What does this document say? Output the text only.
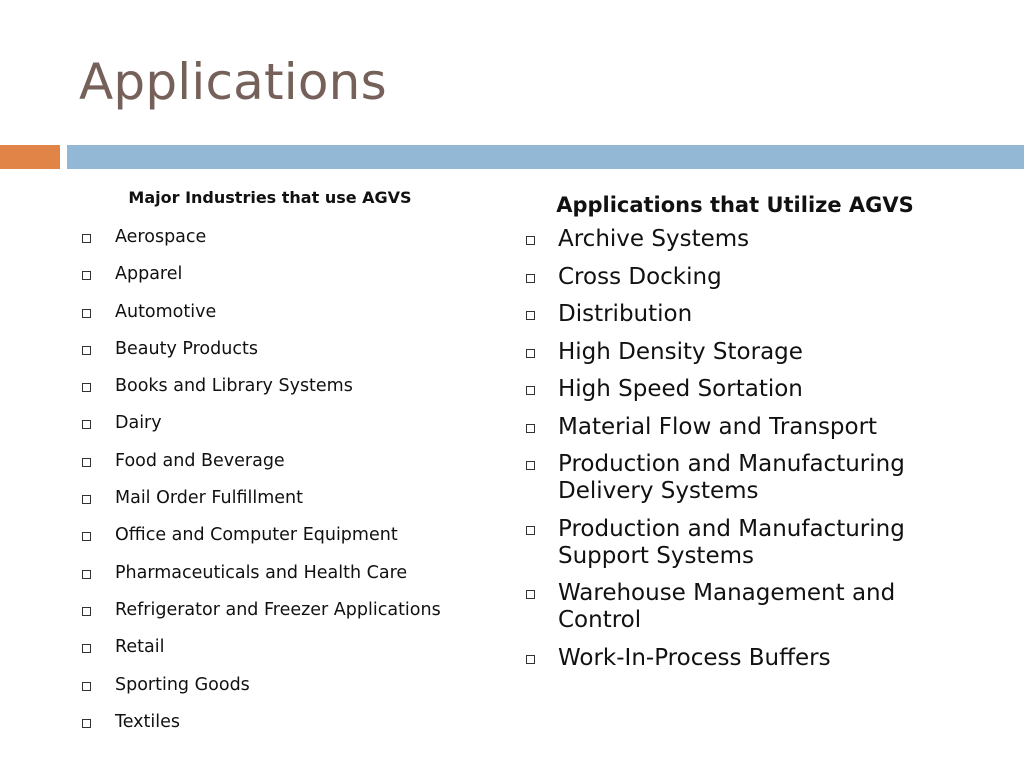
Applications
Major Industries that use AGVS
Aerospace
Apparel
Automotive
Beauty Products
Books and Library Systems
Dairy
Food and Beverage
Mail Order Fulfillment
Office and Computer Equipment
Pharmaceuticals and Health Care
Refrigerator and Freezer Applications
Retail
Sporting Goods
Textiles
Applications that Utilize AGVS
Archive Systems
Cross Docking
Distribution
High Density Storage
High Speed Sortation
Material Flow and Transport
Production and Manufacturing Delivery Systems
Production and Manufacturing Support Systems
Warehouse Management and Control
Work-In-Process Buffers
